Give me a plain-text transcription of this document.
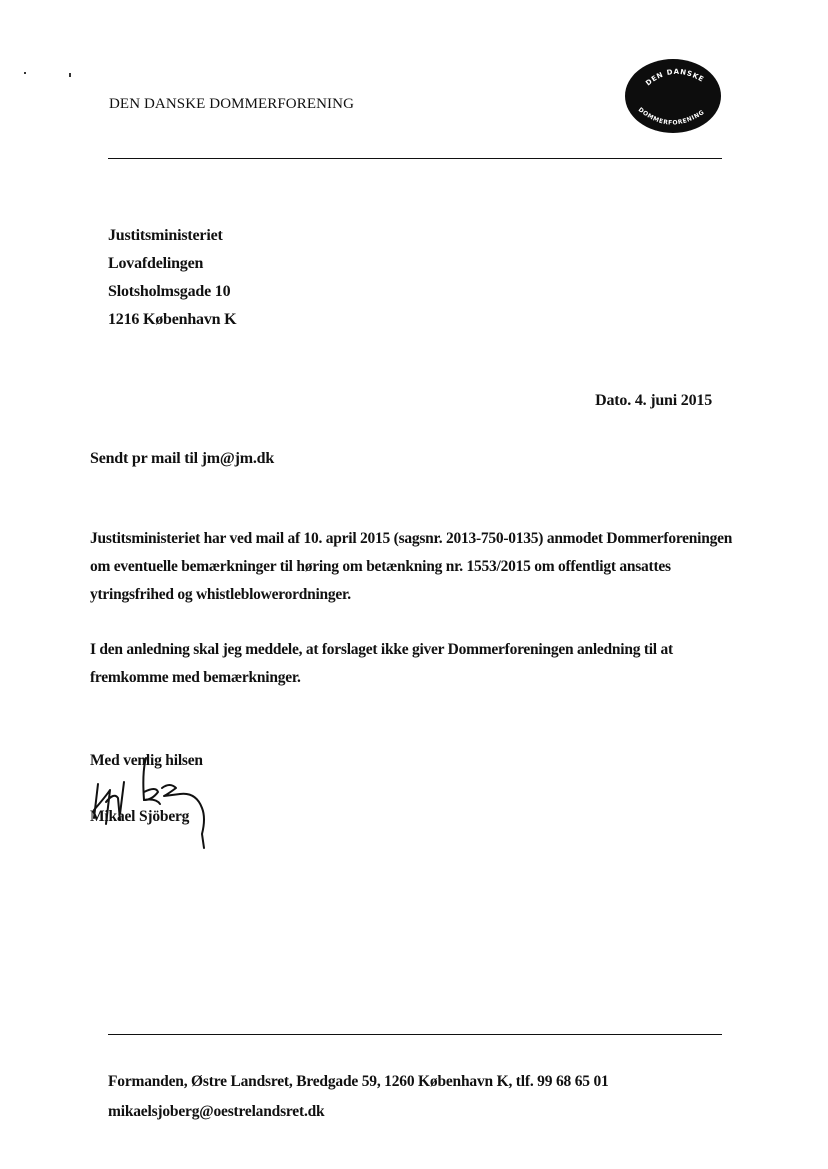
DEN DANSKE DOMMERFORENING
DEN DANSKE
DOMMERFORENING
Justitsministeriet
Lovafdelingen
Slotsholmsgade 10
1216 København K
Dato. 4. juni 2015
Sendt pr mail til jm@jm.dk
Justitsministeriet har ved mail af 10. april 2015 (sagsnr. 2013-750-0135) anmodet Dommerforeningen
om eventuelle bemærkninger til høring om betænkning nr. 1553/2015 om offentligt ansattes
ytringsfrihed og whistleblowerordninger.
I den anledning skal jeg meddele, at forslaget ikke giver Dommerforeningen anledning til at
fremkomme med bemærkninger.
Med venlig hilsen
Mikael Sjöberg
Formanden, Østre Landsret, Bredgade 59, 1260 København K, tlf. 99 68 65 01
mikaelsjoberg@oestrelandsret.dk
